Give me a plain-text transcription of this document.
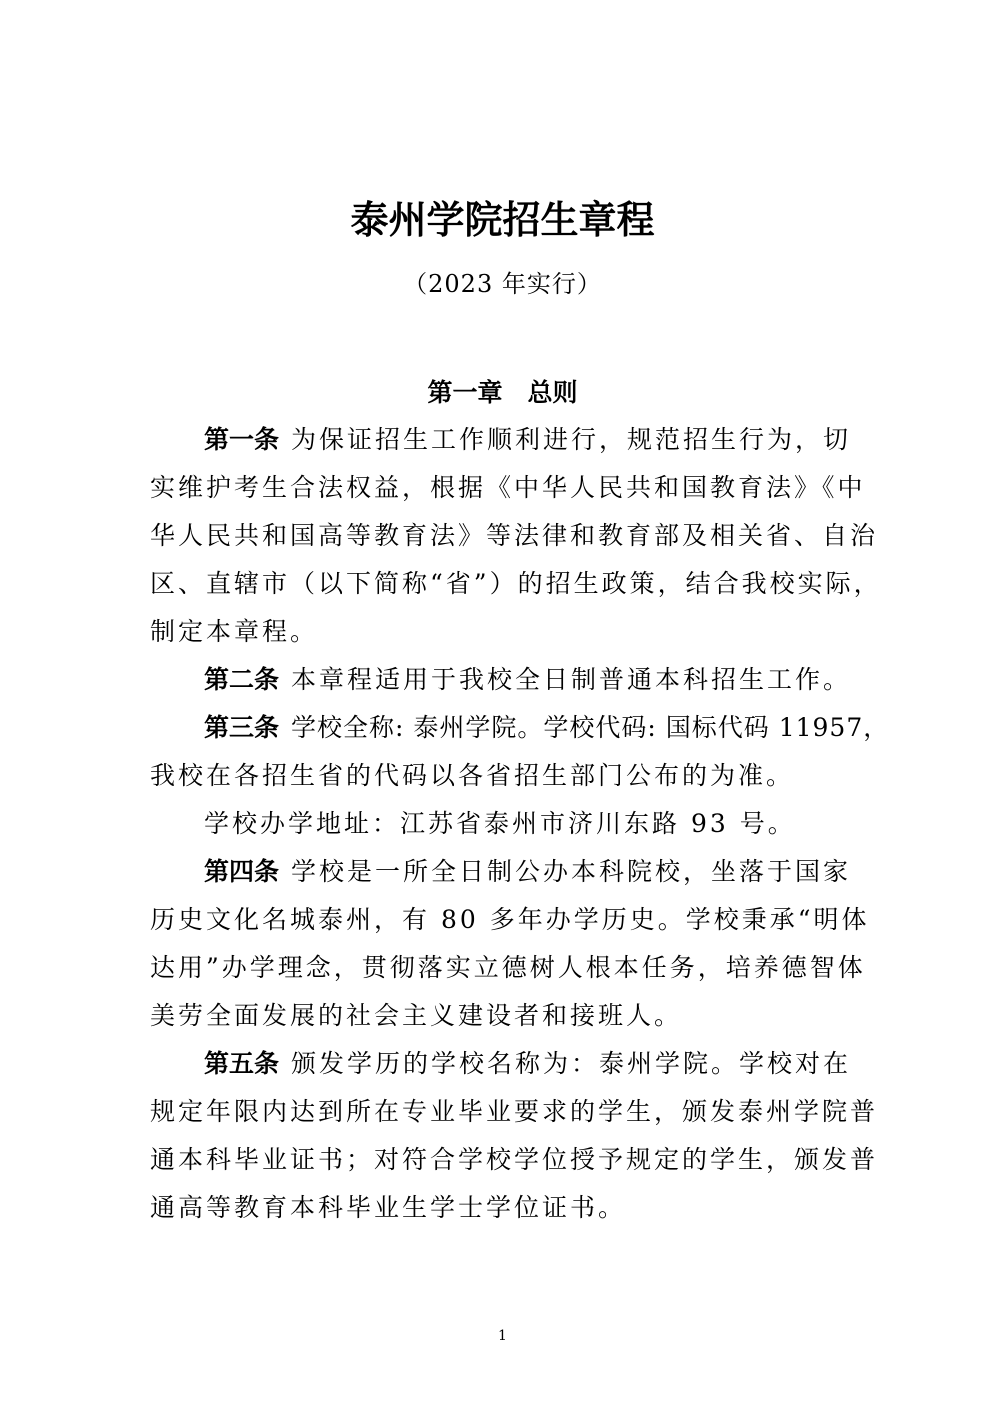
泰州学院招生章程
（2023 年实行）
第一章　总则
第一条 为保证招生工作顺利进行，规范招生行为，切
实维护考生合法权益，根据《中华人民共和国教育法》《中
华人民共和国高等教育法》等法律和教育部及相关省、自治
区、直辖市（以下简称“省”）的招生政策，结合我校实际，
制定本章程。
第二条 本章程适用于我校全日制普通本科招生工作。
第三条 学校全称: 泰州学院。学校代码: 国标代码 11957，
我校在各招生省的代码以各省招生部门公布的为准。
学校办学地址：江苏省泰州市济川东路 93 号。
第四条 学校是一所全日制公办本科院校，坐落于国家
历史文化名城泰州，有 80 多年办学历史。学校秉承“明体
达用”办学理念，贯彻落实立德树人根本任务，培养德智体
美劳全面发展的社会主义建设者和接班人。
第五条 颁发学历的学校名称为：泰州学院。学校对在
规定年限内达到所在专业毕业要求的学生，颁发泰州学院普
通本科毕业证书；对符合学校学位授予规定的学生，颁发普
通高等教育本科毕业生学士学位证书。
1
